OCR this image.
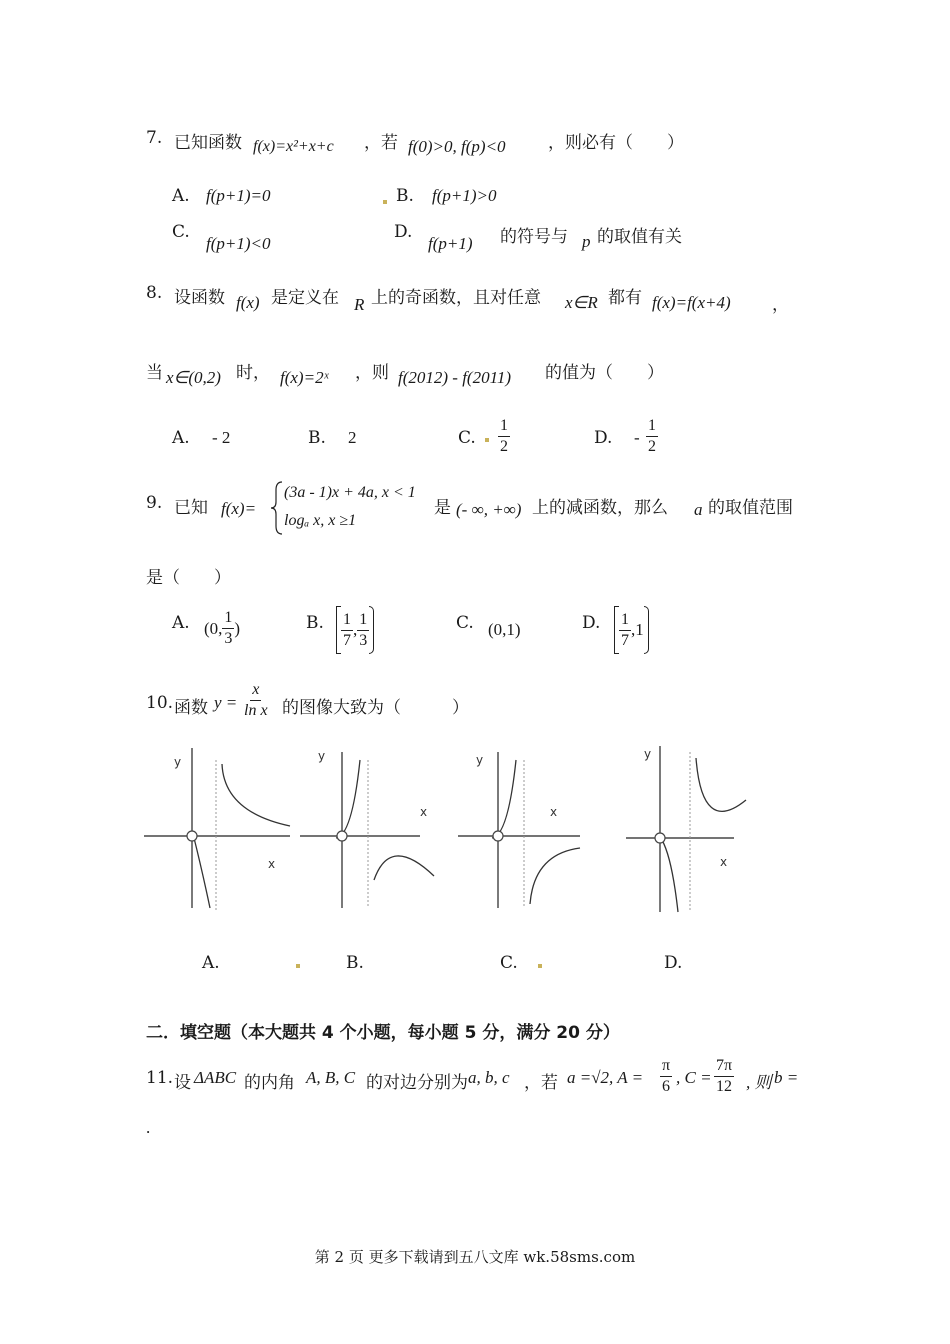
7. 已知函数 f(x)=x²+x+c ，若 f(0)>0, f(p)<0 ，则必有（　　）
A. f(p+1)=0	B. f(p+1)>0
C.
f(p+1)<0
D.
f(p+1) 的符号与 p 的取值有关
8. 设函数 f(x) 是定义在 R 上的奇函数，且对任意 x∈R 都有 f(x)=f(x+4) ，
当 x∈(0,2) 时， f(x)=2ˣ ，则 f(2012) - f(2011) 的值为（　　）
A. - 2	B. 2	C. $\frac{1}{2}$	D. - $\frac{1}{2}$
9. 已知 f(x)=
(3a - 1)x + 4a, x < 1
logₐ x, x ≥1
是 (- ∞, +∞) 上的减函数，那么 a 的取值范围
是（　　）
A. (0, $\frac{1}{3}$ )	B. $\frac{1}{7}$ , $\frac{1}{3}$	C. (0,1)	D. $\frac{1}{7} ,1$
10. 函数 $y = \frac{x}{\text{ln x}}$ 的图像大致为（　　　）
y
x
y
x
y
x
y
x
A.	B.	C.	D.
二．填空题（本大题共 4 个小题，每小题 5 分，满分 20 分）
11. 设 ΔABC 的内角 A, B, C 的对边分别为 a, b, c ，若 a =√2, $A = \frac{\pi}{6}$ , $C = \frac{7\pi}{12}$ , 则 b =
.
第 2 页 更多下载请到五八文库 wk.58sms.com
